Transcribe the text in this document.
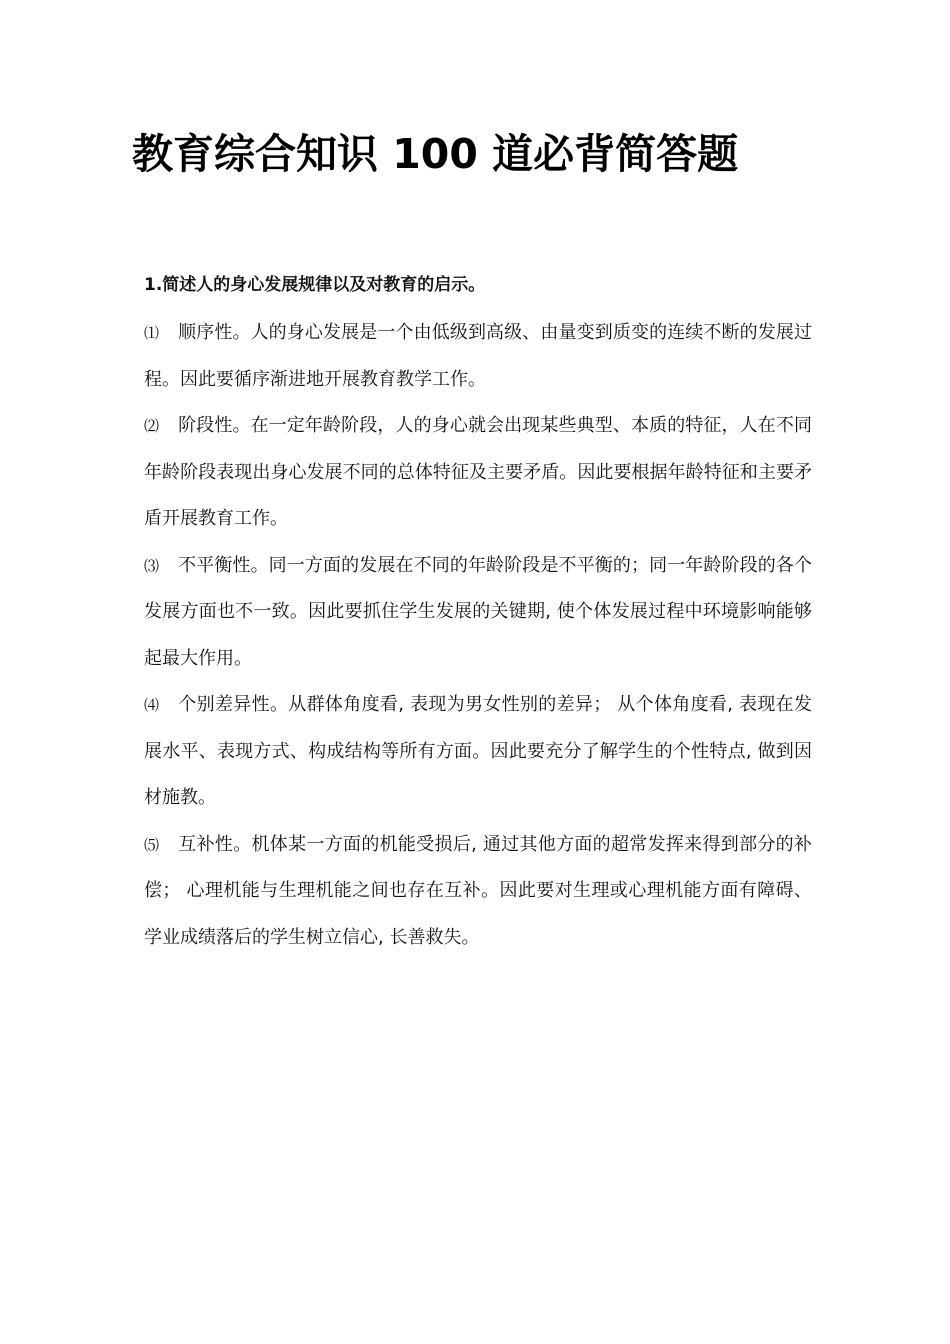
教育综合知识 100 道必背简答题

1.简述人的身心发展规律以及对教育的启示。

⑴ 顺序性。人的身心发展是一个由低级到高级、由量变到质变的连续不断的发展过程。因此要循序渐进地开展教育教学工作。

⑵ 阶段性。在一定年龄阶段，人的身心就会出现某些典型、本质的特征，人在不同年龄阶段表现出身心发展不同的总体特征及主要矛盾。因此要根据年龄特征和主要矛盾开展教育工作。

⑶ 不平衡性。同一方面的发展在不同的年龄阶段是不平衡的；同一年龄阶段的各个发展方面也不一致。因此要抓住学生发展的关键期, 使个体发展过程中环境影响能够起最大作用。

⑷ 个别差异性。从群体角度看, 表现为男女性别的差异； 从个体角度看, 表现在发展水平、表现方式、构成结构等所有方面。因此要充分了解学生的个性特点, 做到因材施教。

⑸ 互补性。机体某一方面的机能受损后, 通过其他方面的超常发挥来得到部分的补偿； 心理机能与生理机能之间也存在互补。因此要对生理或心理机能方面有障碍、学业成绩落后的学生树立信心, 长善救失。
